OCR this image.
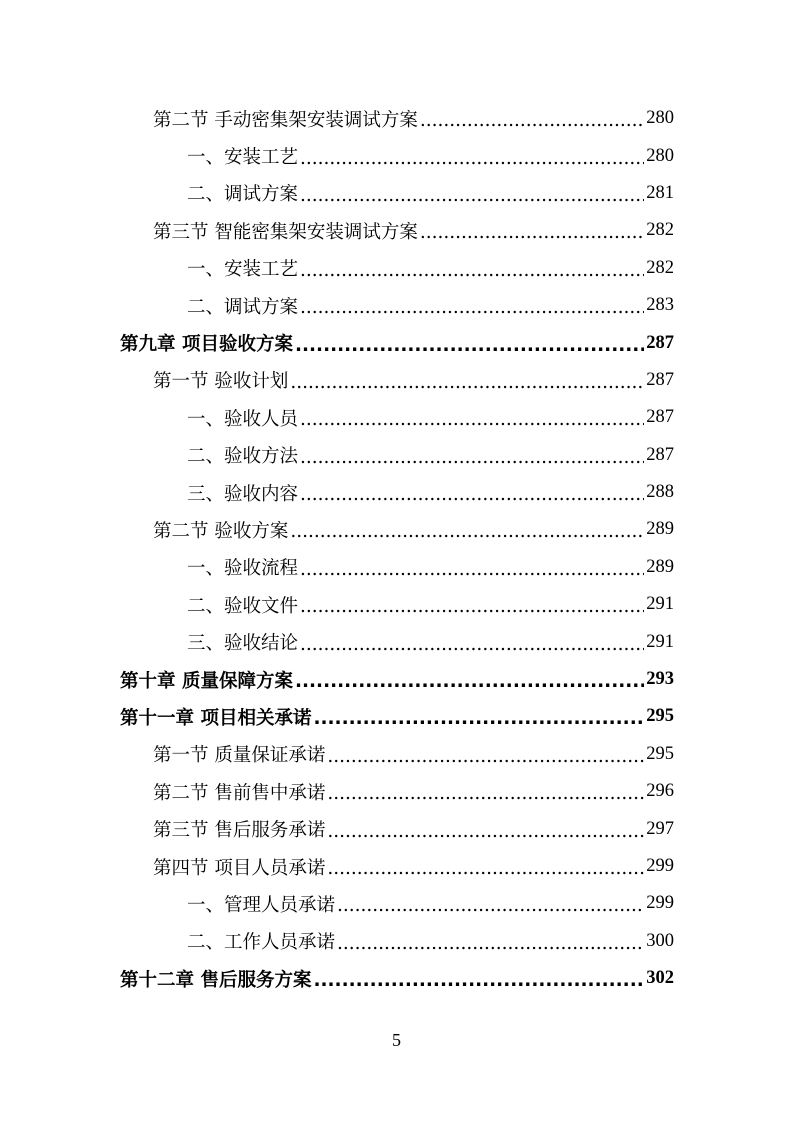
第二节 手动密集架安装调试方案 .....	280
一、安装工艺 .....	280
二、调试方案 .....	281
第三节 智能密集架安装调试方案 .....	282
一、安装工艺 .....	282
二、调试方案 .....	283
第九章 项目验收方案 .....	287
第一节 验收计划 .....	287
一、验收人员 .....	287
二、验收方法 .....	287
三、验收内容 .....	288
第二节 验收方案 .....	289
一、验收流程 .....	289
二、验收文件 .....	291
三、验收结论 .....	291
第十章 质量保障方案 .....	293
第十一章 项目相关承诺 .....	295
第一节 质量保证承诺 .....	295
第二节 售前售中承诺 .....	296
第三节 售后服务承诺 .....	297
第四节 项目人员承诺 .....	299
一、管理人员承诺 .....	299
二、工作人员承诺 .....	300
第十二章 售后服务方案 .....	302
5
